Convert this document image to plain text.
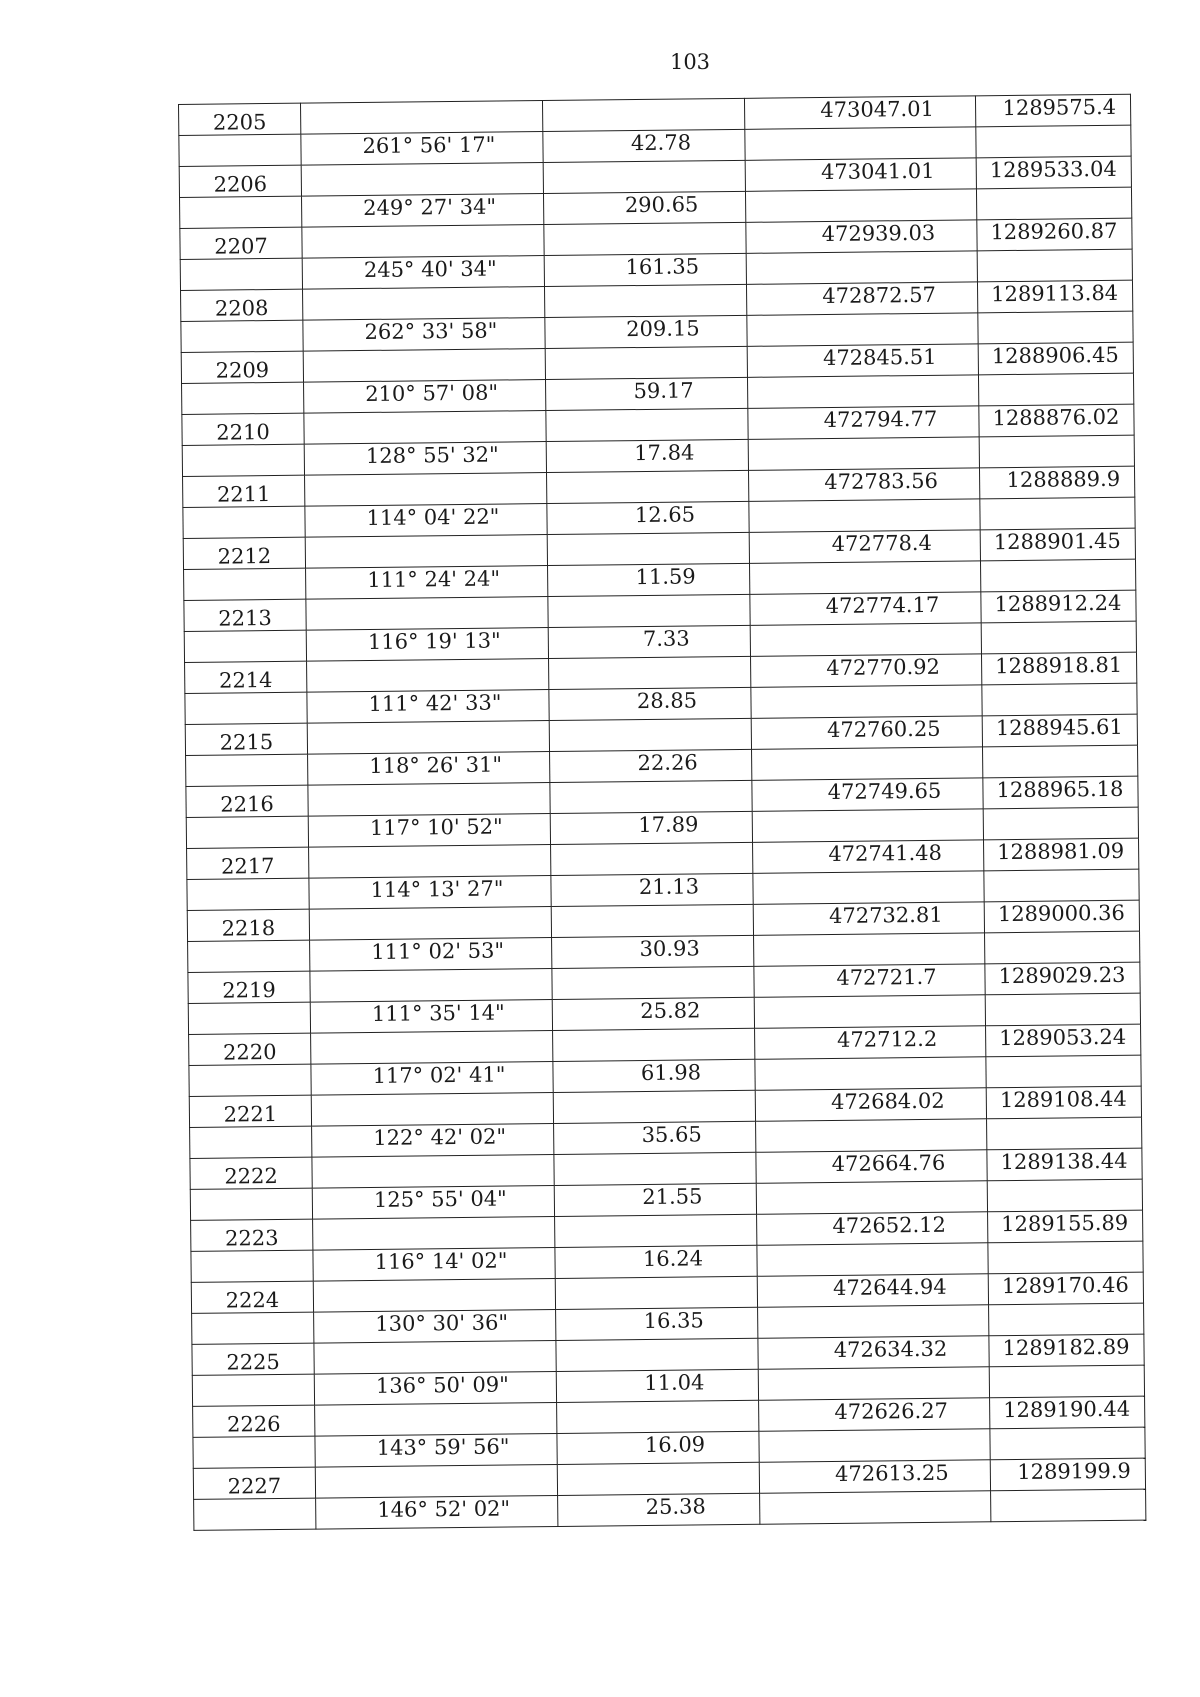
103
2205			473047.01	1289575.4
	261° 56' 17"	42.78		
2206			473041.01	1289533.04
	249° 27' 34"	290.65		
2207			472939.03	1289260.87
	245° 40' 34"	161.35		
2208			472872.57	1289113.84
	262° 33' 58"	209.15		
2209			472845.51	1288906.45
	210° 57' 08"	59.17		
2210			472794.77	1288876.02
	128° 55' 32"	17.84		
2211			472783.56	1288889.9
	114° 04' 22"	12.65		
2212			472778.4	1288901.45
	111° 24' 24"	11.59		
2213			472774.17	1288912.24
	116° 19' 13"	7.33		
2214			472770.92	1288918.81
	111° 42' 33"	28.85		
2215			472760.25	1288945.61
	118° 26' 31"	22.26		
2216			472749.65	1288965.18
	117° 10' 52"	17.89		
2217			472741.48	1288981.09
	114° 13' 27"	21.13		
2218			472732.81	1289000.36
	111° 02' 53"	30.93		
2219			472721.7	1289029.23
	111° 35' 14"	25.82		
2220			472712.2	1289053.24
	117° 02' 41"	61.98		
2221			472684.02	1289108.44
	122° 42' 02"	35.65		
2222			472664.76	1289138.44
	125° 55' 04"	21.55		
2223			472652.12	1289155.89
	116° 14' 02"	16.24		
2224			472644.94	1289170.46
	130° 30' 36"	16.35		
2225			472634.32	1289182.89
	136° 50' 09"	11.04		
2226			472626.27	1289190.44
	143° 59' 56"	16.09		
2227			472613.25	1289199.9
	146° 52' 02"	25.38		
